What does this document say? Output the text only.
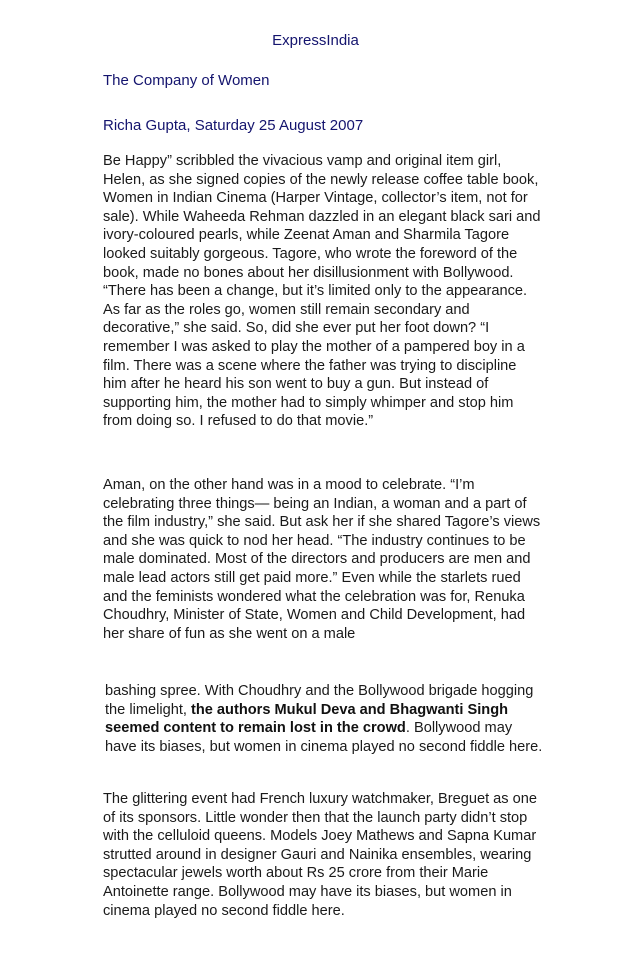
ExpressIndia
The Company of Women
Richa Gupta, Saturday 25 August 2007

Be Happy” scribbled the vivacious vamp and original item girl, Helen, as she signed copies of the newly release coffee table book, Women in Indian Cinema (Harper Vintage, collector’s item, not for sale). While Waheeda Rehman dazzled in an elegant black sari and ivory-coloured pearls, while Zeenat Aman and Sharmila Tagore looked suitably gorgeous. Tagore, who wrote the foreword of the book, made no bones about her disillusionment with Bollywood. “There has been a change, but it’s limited only to the appearance. As far as the roles go, women still remain secondary and decorative,” she said. So, did she ever put her foot down? “I remember I was asked to play the mother of a pampered boy in a film. There was a scene where the father was trying to discipline him after he heard his son went to buy a gun. But instead of supporting him, the mother had to simply whimper and stop him from doing so. I refused to do that movie.”

Aman, on the other hand was in a mood to celebrate. “I’m celebrating three things— being an Indian, a woman and a part of the film industry,” she said. But ask her if she shared Tagore’s views and she was quick to nod her head. “The industry continues to be male dominated. Most of the directors and producers are men and male lead actors still get paid more.” Even while the starlets rued and the feminists wondered what the celebration was for, Renuka Choudhry, Minister of State, Women and Child Development, had her share of fun as she went on a male

bashing spree. With Choudhry and the Bollywood brigade hogging the limelight, the authors Mukul Deva and Bhagwanti Singh seemed content to remain lost in the crowd. Bollywood may have its biases, but women in cinema played no second fiddle here.

The glittering event had French luxury watchmaker, Breguet as one of its sponsors. Little wonder then that the launch party didn’t stop with the celluloid queens. Models Joey Mathews and Sapna Kumar strutted around in designer Gauri and Nainika ensembles, wearing spectacular jewels worth about Rs 25 crore from their Marie Antoinette range. Bollywood may have its biases, but women in cinema played no second fiddle here.
